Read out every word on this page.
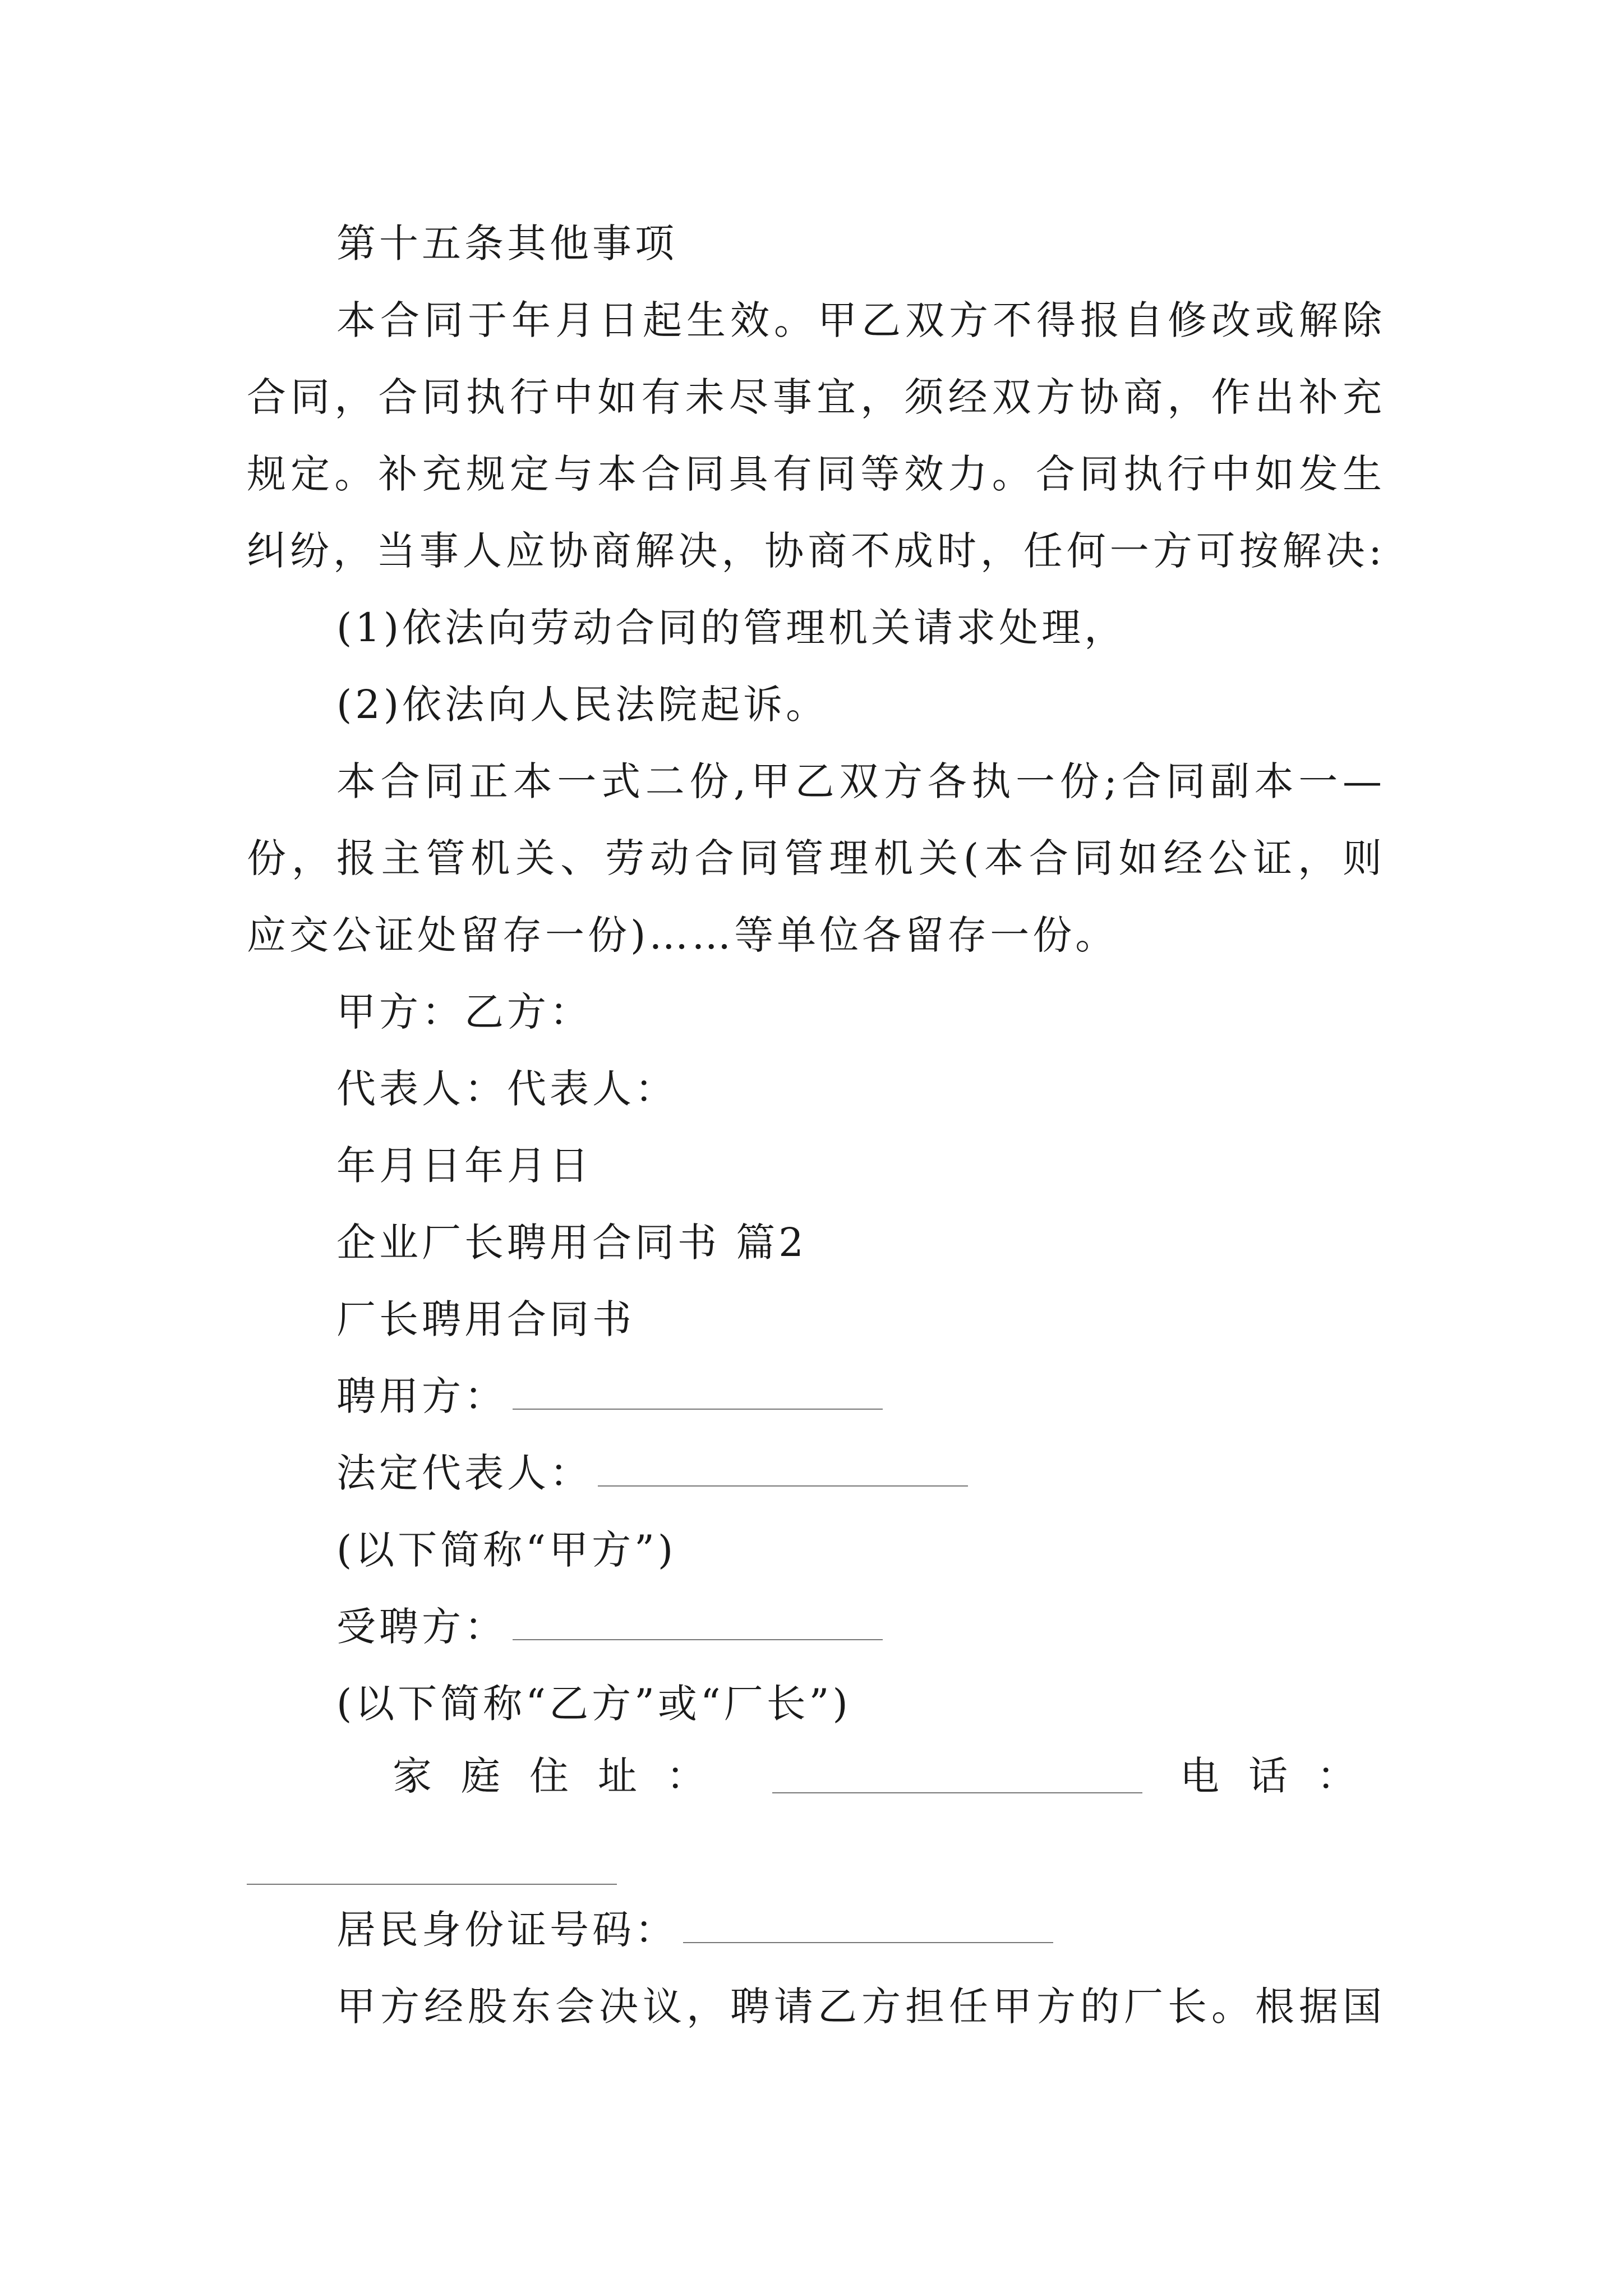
第十五条其他事项
本合同于年月日起生效。甲乙双方不得报自修改或解除
合同，合同执行中如有未尽事宜，须经双方协商，作出补充
规定。补充规定与本合同具有同等效力。合同执行中如发生
纠纷，当事人应协商解决，协商不成时，任何一方可按解决:
(1)依法向劳动合同的管理机关请求处理，
(2)依法向人民法院起诉。
本合同正本一式二份,甲乙双方各执一份;合同副本一—
份，报主管机关、劳动合同管理机关(本合同如经公证，则
应交公证处留存一份)……等单位各留存一份。
甲方：乙方：
代表人：代表人：
年月日年月日
企业厂长聘用合同书 篇2
厂长聘用合同书
聘用方：
法定代表人：
(以下简称“甲方”)
受聘方：
(以下简称“乙方”或“厂长”)
家庭住址：	电话：
居民身份证号码：
甲方经股东会决议，聘请乙方担任甲方的厂长。根据国
